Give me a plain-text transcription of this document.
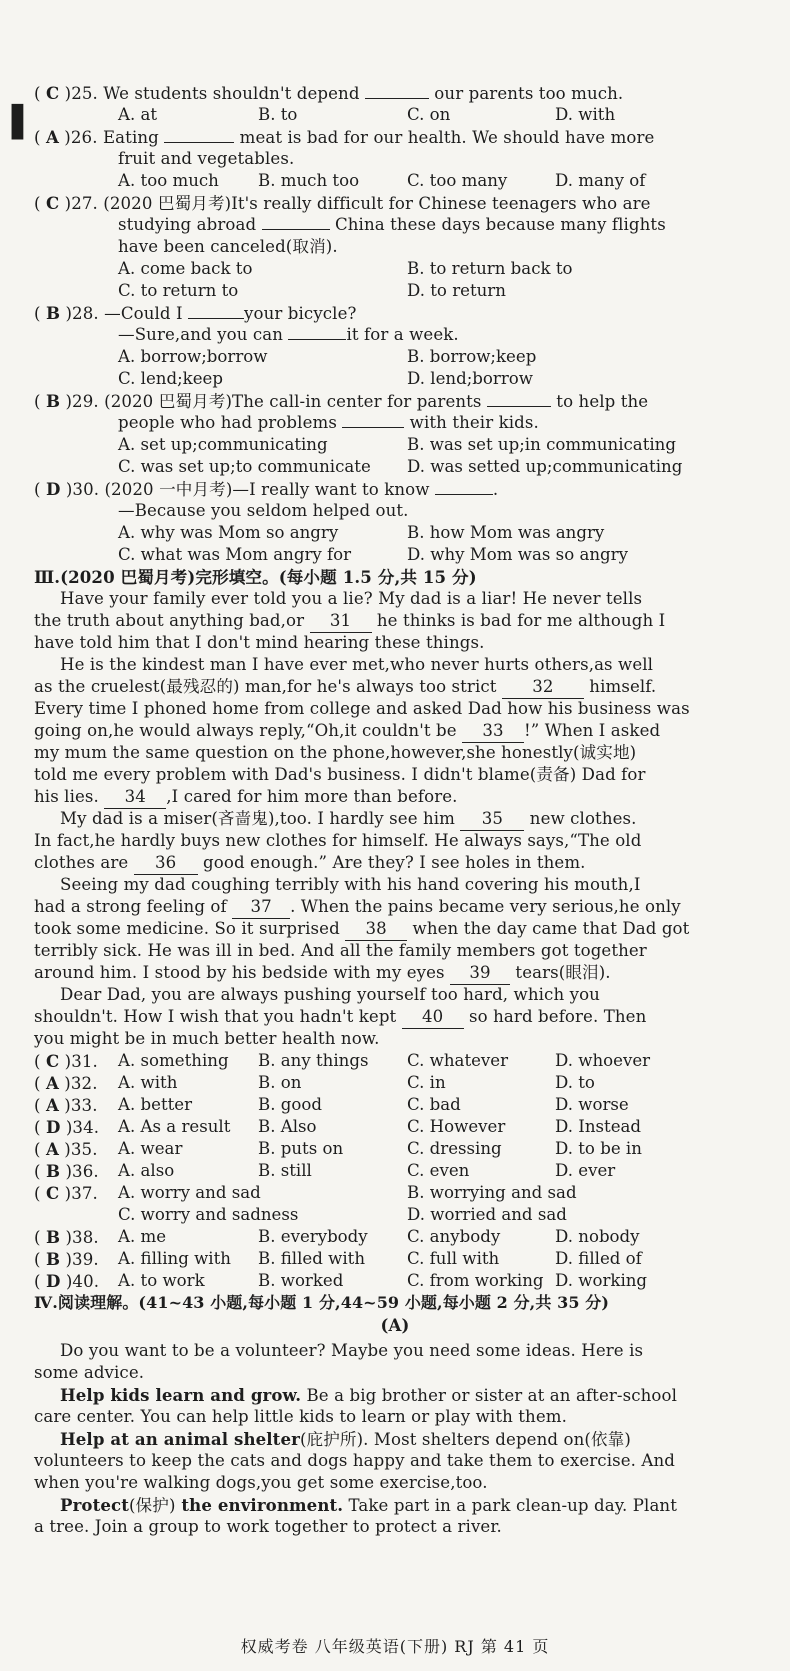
▐
( C )25. We students shouldn't depend	our parents too much.
A. at	B. to	C. on	D. with
( A )26. Eating	meat is bad for our health. We should have more
fruit and vegetables.
A. too much B. much too	C. too many	D. many of
( C )27. (2020 巴蜀月考)It's really difficult for Chinese teenagers who are
studying abroad	China these days because many flights
have been canceled(取消).
A. come back to	B. to return back to
C. to return to	D. to return
( B )28. —Could I	your bicycle?
—Sure,and you can	it for a week.
A. borrow;borrow	B. borrow;keep
C. lend;keep	D. lend;borrow
( B )29. (2020 巴蜀月考)The call-in center for parents	to help the
people who had problems	with their kids.
A. set up;communicating	B. was set up;in communicating
C. was set up;to communicate D. was setted up;communicating
( D )30. (2020 一中月考)—I really want to know	.
—Because you seldom helped out.
A. why was Mom so angry	B. how Mom was angry
C. what was Mom angry for	D. why Mom was so angry
Ⅲ.(2020 巴蜀月考)完形填空。(每小题 1.5 分,共 15 分)
Have your family ever told you a lie? My dad is a liar! He never tells
the truth about anything bad,or 31 he thinks is bad for me although I
have told him that I don't mind hearing these things.
He is the kindest man I have ever met,who never hurts others,as well
as the cruelest(最残忍的) man,for he's always too strict 32 himself.
Every time I phoned home from college and asked Dad how his business was
going on,he would always reply,“Oh,it couldn't be 33 !” When I asked
my mum the same question on the phone,however,she honestly(诚实地)
told me every problem with Dad's business. I didn't blame(责备) Dad for
his lies. 34 ,I cared for him more than before.
My dad is a miser(吝啬鬼),too. I hardly see him 35 new clothes.
In fact,he hardly buys new clothes for himself. He always says,“The old
clothes are 36 good enough.” Are they? I see holes in them.
Seeing my dad coughing terribly with his hand covering his mouth,I
had a strong feeling of 37 . When the pains became very serious,he only
took some medicine. So it surprised 38 when the day came that Dad got
terribly sick. He was ill in bed. And all the family members got together
around him. I stood by his bedside with my eyes 39 tears(眼泪).
Dear Dad, you are always pushing yourself too hard, which you
shouldn't. How I wish that you hadn't kept 40 so hard before. Then
you might be in much better health now.
( C )31. A. something B. any things C. whatever	D. whoever
( A )32. A. with	B. on	C. in	D. to
( A )33. A. better	B. good	C. bad	D. worse
( D )34. A. As a result B. Also	C. However	D. Instead
( A )35. A. wear	B. puts on	C. dressing	D. to be in
( B )36. A. also	B. still	C. even	D. ever
( C )37. A. worry and sad	B. worrying and sad
C. worry and sadness	D. worried and sad
( B )38. A. me	B. everybody C. anybody	D. nobody
( B )39. A. filling with B. filled with	C. full with	D. filled of
( D )40. A. to work	B. worked	C. from working D. working
Ⅳ.阅读理解。(41~43 小题,每小题 1 分,44~59 小题,每小题 2 分,共 35 分)
(A)
Do you want to be a volunteer? Maybe you need some ideas. Here is
some advice.
Help kids learn and grow. Be a big brother or sister at an after-school
care center. You can help little kids to learn or play with them.
Help at an animal shelter(庇护所). Most shelters depend on(依靠)
volunteers to keep the cats and dogs happy and take them to exercise. And
when you're walking dogs,you get some exercise,too.
Protect(保护) the environment. Take part in a park clean-up day. Plant
a tree. Join a group to work together to protect a river.
权威考卷 八年级英语(下册) RJ 第 41 页
